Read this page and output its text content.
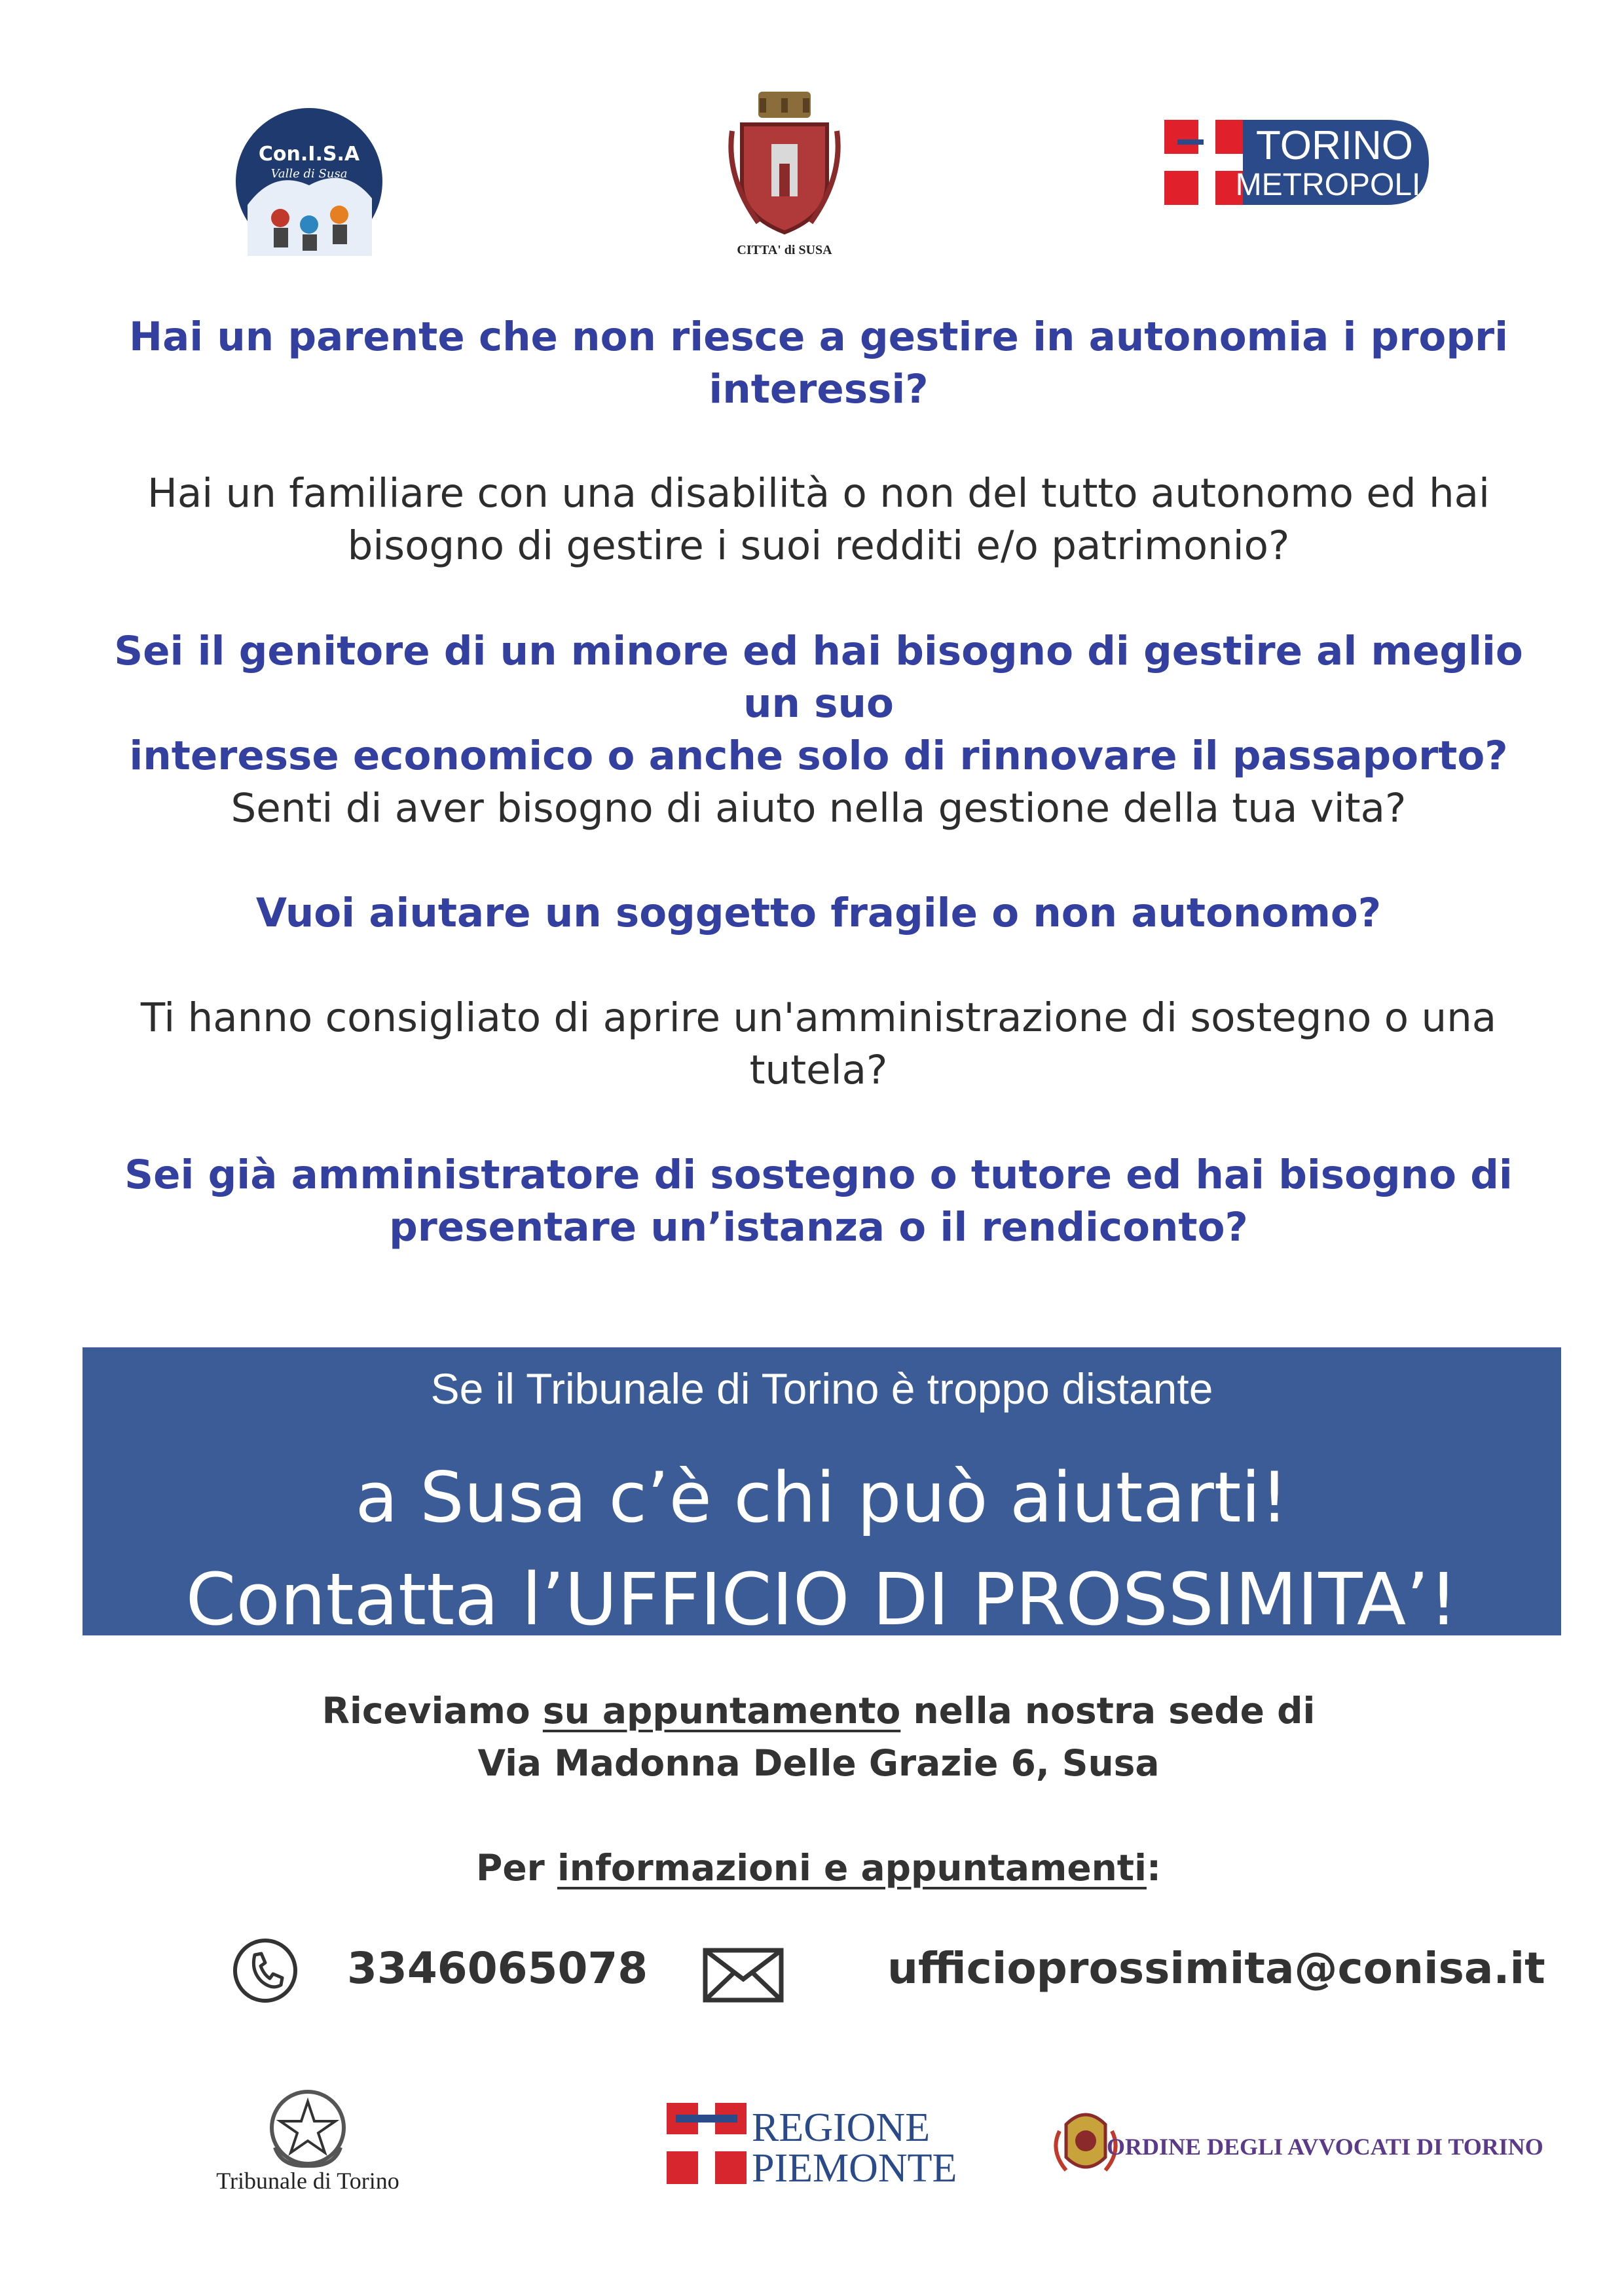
Con.I.S.A
Valle di Susa
CITTA' di SUSA
TORINO
METROPOLI
Hai un parente che non riesce a gestire in autonomia i propri
interessi?
Hai un familiare con una disabilità o non del tutto autonomo ed hai
bisogno di gestire i suoi redditi e/o patrimonio?
Sei il genitore di un minore ed hai bisogno di gestire al meglio un suo
interesse economico o anche solo di rinnovare il passaporto?
Senti di aver bisogno di aiuto nella gestione della tua vita?
Vuoi aiutare un soggetto fragile o non autonomo?
Ti hanno consigliato di aprire un'amministrazione di sostegno o una
tutela?
Sei già amministratore di sostegno o tutore ed hai bisogno di
presentare un’istanza o il rendiconto?
Se il Tribunale di Torino è troppo distante
a Susa c’è chi può aiutarti!
Contatta l’UFFICIO DI PROSSIMITA’!
Riceviamo su appuntamento nella nostra sede di
Via Madonna Delle Grazie 6, Susa
Per informazioni e appuntamenti:
3346065078	ufficioprossimita@conisa.it
Tribunale di Torino
REGIONE
PIEMONTE	ORDINE DEGLI AVVOCATI DI TORINO
